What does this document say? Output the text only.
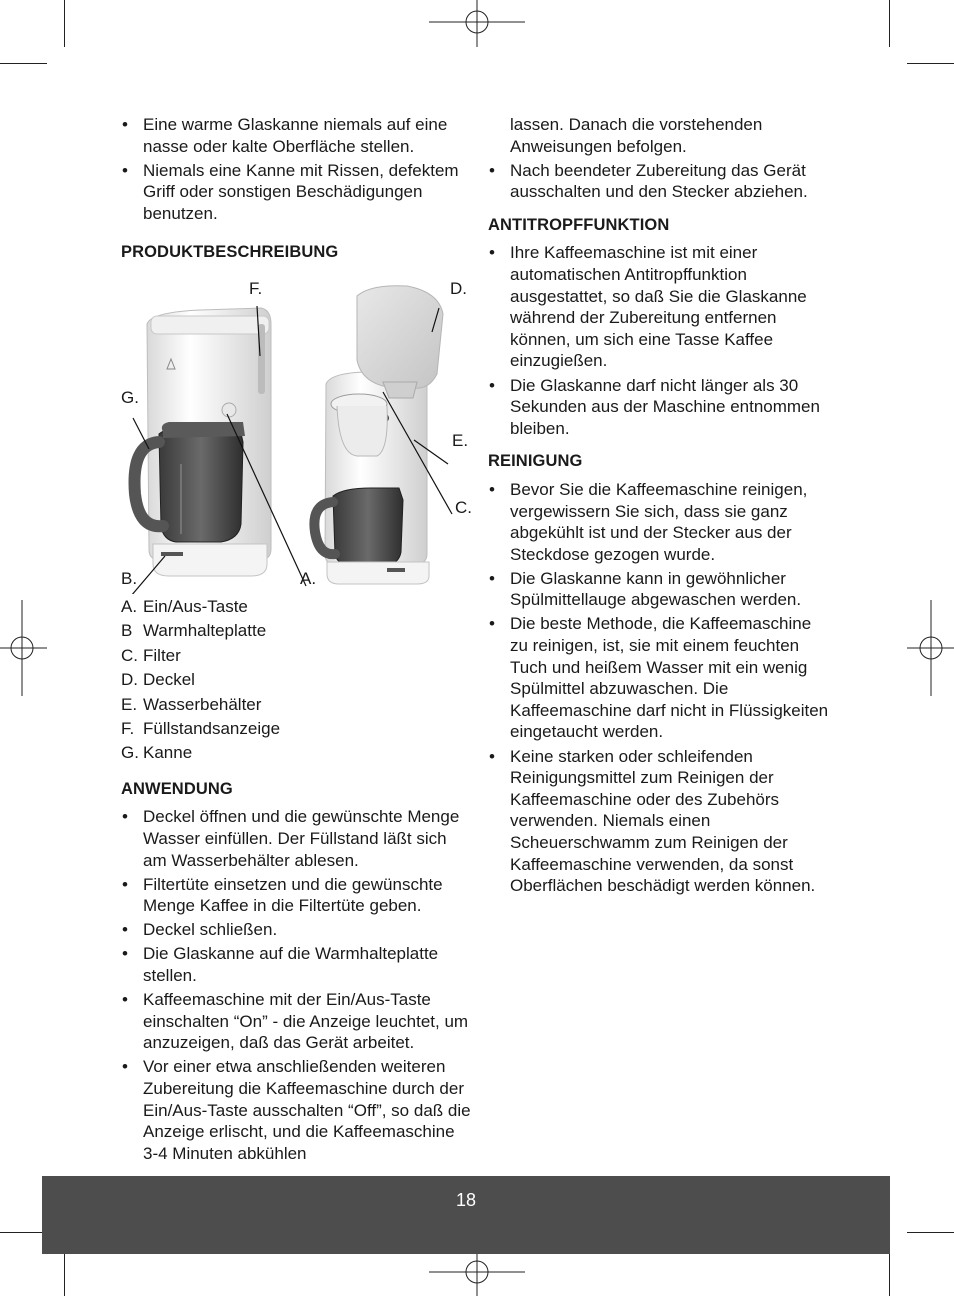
• Eine warme Glaskanne niemals auf eine nasse oder kalte Oberfläche stellen.
• Niemals eine Kanne mit Rissen, defektem Griff oder sonstigen Beschädigungen benutzen.
PRODUKTBESCHREIBUNG
F.	D.
G.
E.
C.
B.	A.
A. Ein/Aus-Taste
B Warmhalteplatte
C. Filter
D. Deckel
E. Wasserbehälter
F. Füllstandsanzeige
G. Kanne
ANWENDUNG
• Deckel öffnen und die gewünschte Menge Wasser einfüllen. Der Füllstand läßt sich am Wasserbehälter ablesen.
• Filtertüte einsetzen und die gewünschte Menge Kaffee in die Filtertüte geben.
• Deckel schließen.
• Die Glaskanne auf die Warmhalteplatte stellen.
• Kaffeemaschine mit der Ein/Aus-Taste einschalten “On” - die Anzeige leuchtet, um anzuzeigen, daß das Gerät arbeitet.
• Vor einer etwa anschließenden weiteren Zubereitung die Kaffeemaschine durch der Ein/Aus-Taste ausschalten “Off”, so daß die Anzeige erlischt, und die Kaffeemaschine 3-4 Minuten abkühlen
lassen. Danach die vorstehenden Anweisungen befolgen.
• Nach beendeter Zubereitung das Gerät ausschalten und den Stecker abziehen.
ANTITROPFFUNKTION
• Ihre Kaffeemaschine ist mit einer automatischen Antitropffunktion ausgestattet, so daß Sie die Glaskanne während der Zubereitung entfernen können, um sich eine Tasse Kaffee einzugießen.
• Die Glaskanne darf nicht länger als 30 Sekunden aus der Maschine entnommen bleiben.
REINIGUNG
• Bevor Sie die Kaffeemaschine reinigen, vergewissern Sie sich, dass sie ganz abgekühlt ist und der Stecker aus der Steckdose gezogen wurde.
• Die Glaskanne kann in gewöhnlicher Spülmittellauge abgewaschen werden.
• Die beste Methode, die Kaffeemaschine zu reinigen, ist, sie mit einem feuchten Tuch und heißem Wasser mit ein wenig Spülmittel abzuwaschen. Die Kaffeemaschine darf nicht in Flüssigkeiten eingetaucht werden.
• Keine starken oder schleifenden Reinigungsmittel zum Reinigen der Kaffeemaschine oder des Zubehörs verwenden. Niemals einen Scheuerschwamm zum Reinigen der Kaffeemaschine verwenden, da sonst Oberflächen beschädigt werden können.
18
